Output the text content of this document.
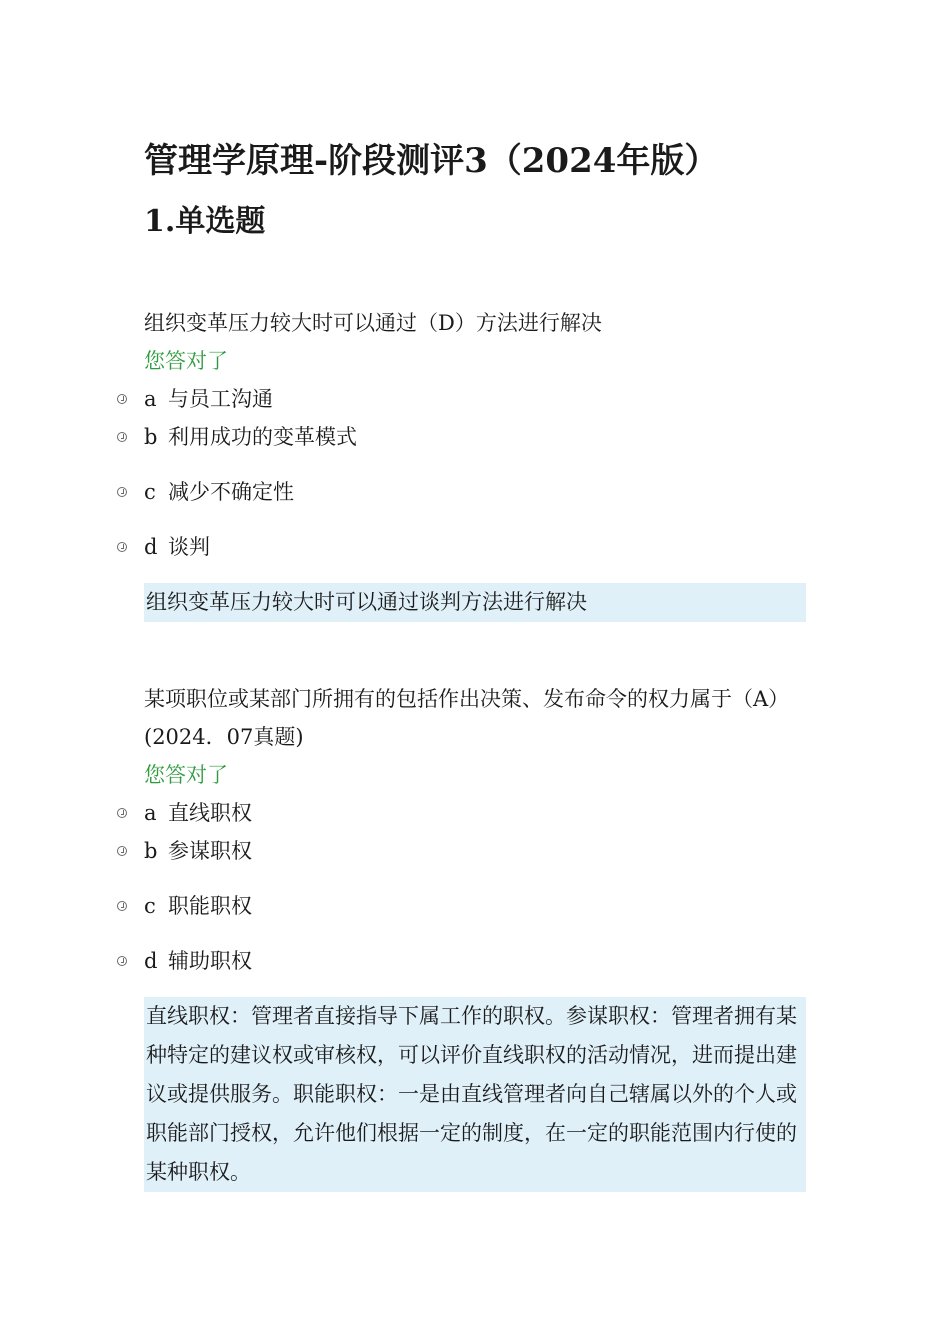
管理学原理-阶段测评3（2024年版）
1.单选题

组织变革压力较大时可以通过（D）方法进行解决

您答对了

a 与员工沟通
b 利用成功的变革模式
c 减少不确定性
d 谈判

组织变革压力较大时可以通过谈判方法进行解决

某项职位或某部门所拥有的包括作出决策、发布命令的权力属于（A）(2024．07真题)

您答对了

a 直线职权
b 参谋职权
c 职能职权
d 辅助职权

直线职权：管理者直接指导下属工作的职权。参谋职权：管理者拥有某种特定的建议权或审核权，可以评价直线职权的活动情况，进而提出建议或提供服务。职能职权：一是由直线管理者向自己辖属以外的个人或职能部门授权，允许他们根据一定的制度，在一定的职能范围内行使的某种职权。
